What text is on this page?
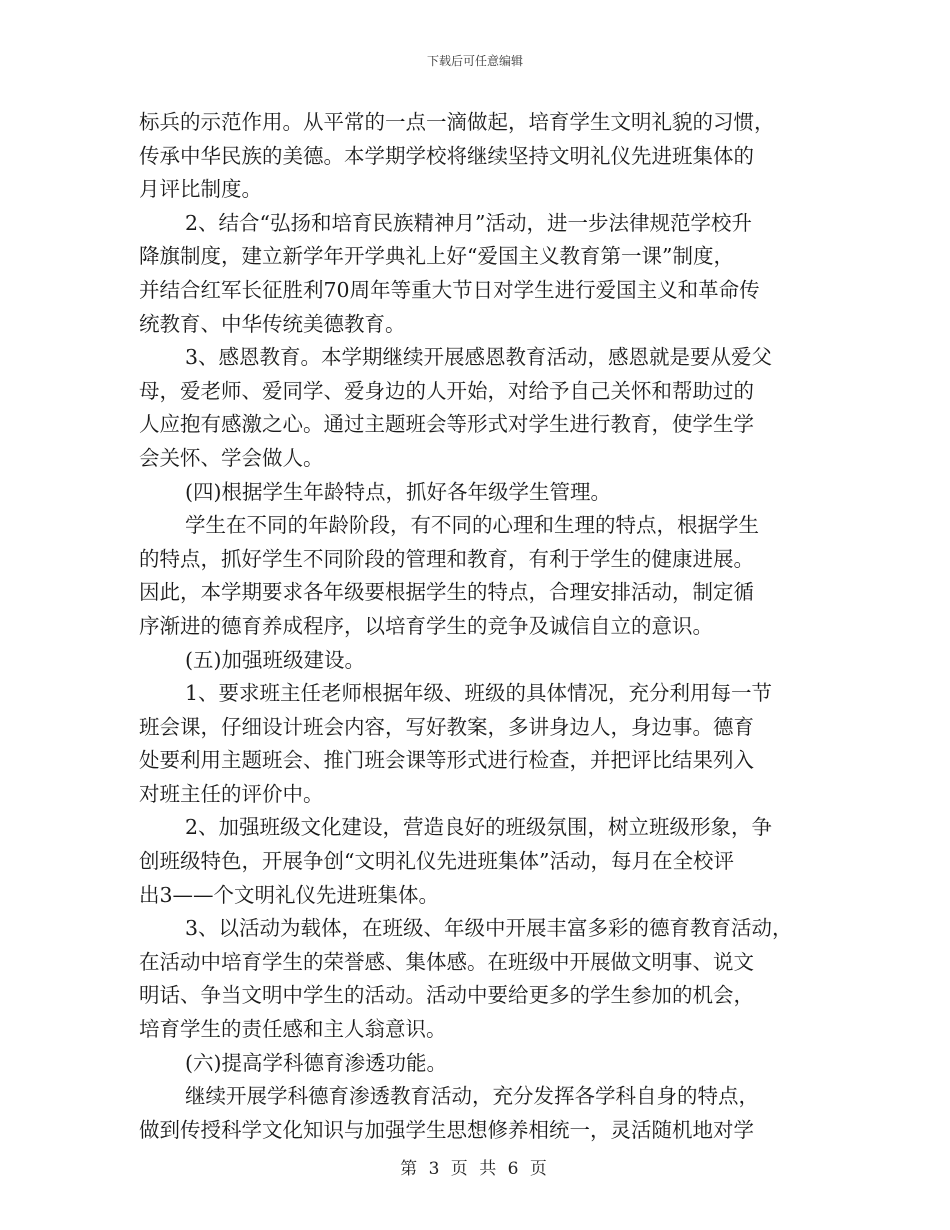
下载后可任意编辑
标兵的示范作用。从平常的一点一滴做起，培育学生文明礼貌的习惯，
传承中华民族的美德。本学期学校将继续坚持文明礼仪先进班集体的
月评比制度。
2、结合“弘扬和培育民族精神月”活动，进一步法律规范学校升
降旗制度，建立新学年开学典礼上好“爱国主义教育第一课”制度，
并结合红军长征胜利70周年等重大节日对学生进行爱国主义和革命传
统教育、中华传统美德教育。
3、感恩教育。本学期继续开展感恩教育活动，感恩就是要从爱父
母，爱老师、爱同学、爱身边的人开始，对给予自己关怀和帮助过的
人应抱有感激之心。通过主题班会等形式对学生进行教育，使学生学
会关怀、学会做人。
(四)根据学生年龄特点，抓好各年级学生管理。
学生在不同的年龄阶段，有不同的心理和生理的特点，根据学生
的特点，抓好学生不同阶段的管理和教育，有利于学生的健康进展。
因此，本学期要求各年级要根据学生的特点，合理安排活动，制定循
序渐进的德育养成程序，以培育学生的竞争及诚信自立的意识。
(五)加强班级建设。
1、要求班主任老师根据年级、班级的具体情况，充分利用每一节
班会课，仔细设计班会内容，写好教案，多讲身边人，身边事。德育
处要利用主题班会、推门班会课等形式进行检查，并把评比结果列入
对班主任的评价中。
2、加强班级文化建设，营造良好的班级氛围，树立班级形象，争
创班级特色，开展争创“文明礼仪先进班集体”活动，每月在全校评
出3——个文明礼仪先进班集体。
3、以活动为载体，在班级、年级中开展丰富多彩的德育教育活动，
在活动中培育学生的荣誉感、集体感。在班级中开展做文明事、说文
明话、争当文明中学生的活动。活动中要给更多的学生参加的机会，
培育学生的责任感和主人翁意识。
(六)提高学科德育渗透功能。
继续开展学科德育渗透教育活动，充分发挥各学科自身的特点，
做到传授科学文化知识与加强学生思想修养相统一，灵活随机地对学
第 3 页 共 6 页
